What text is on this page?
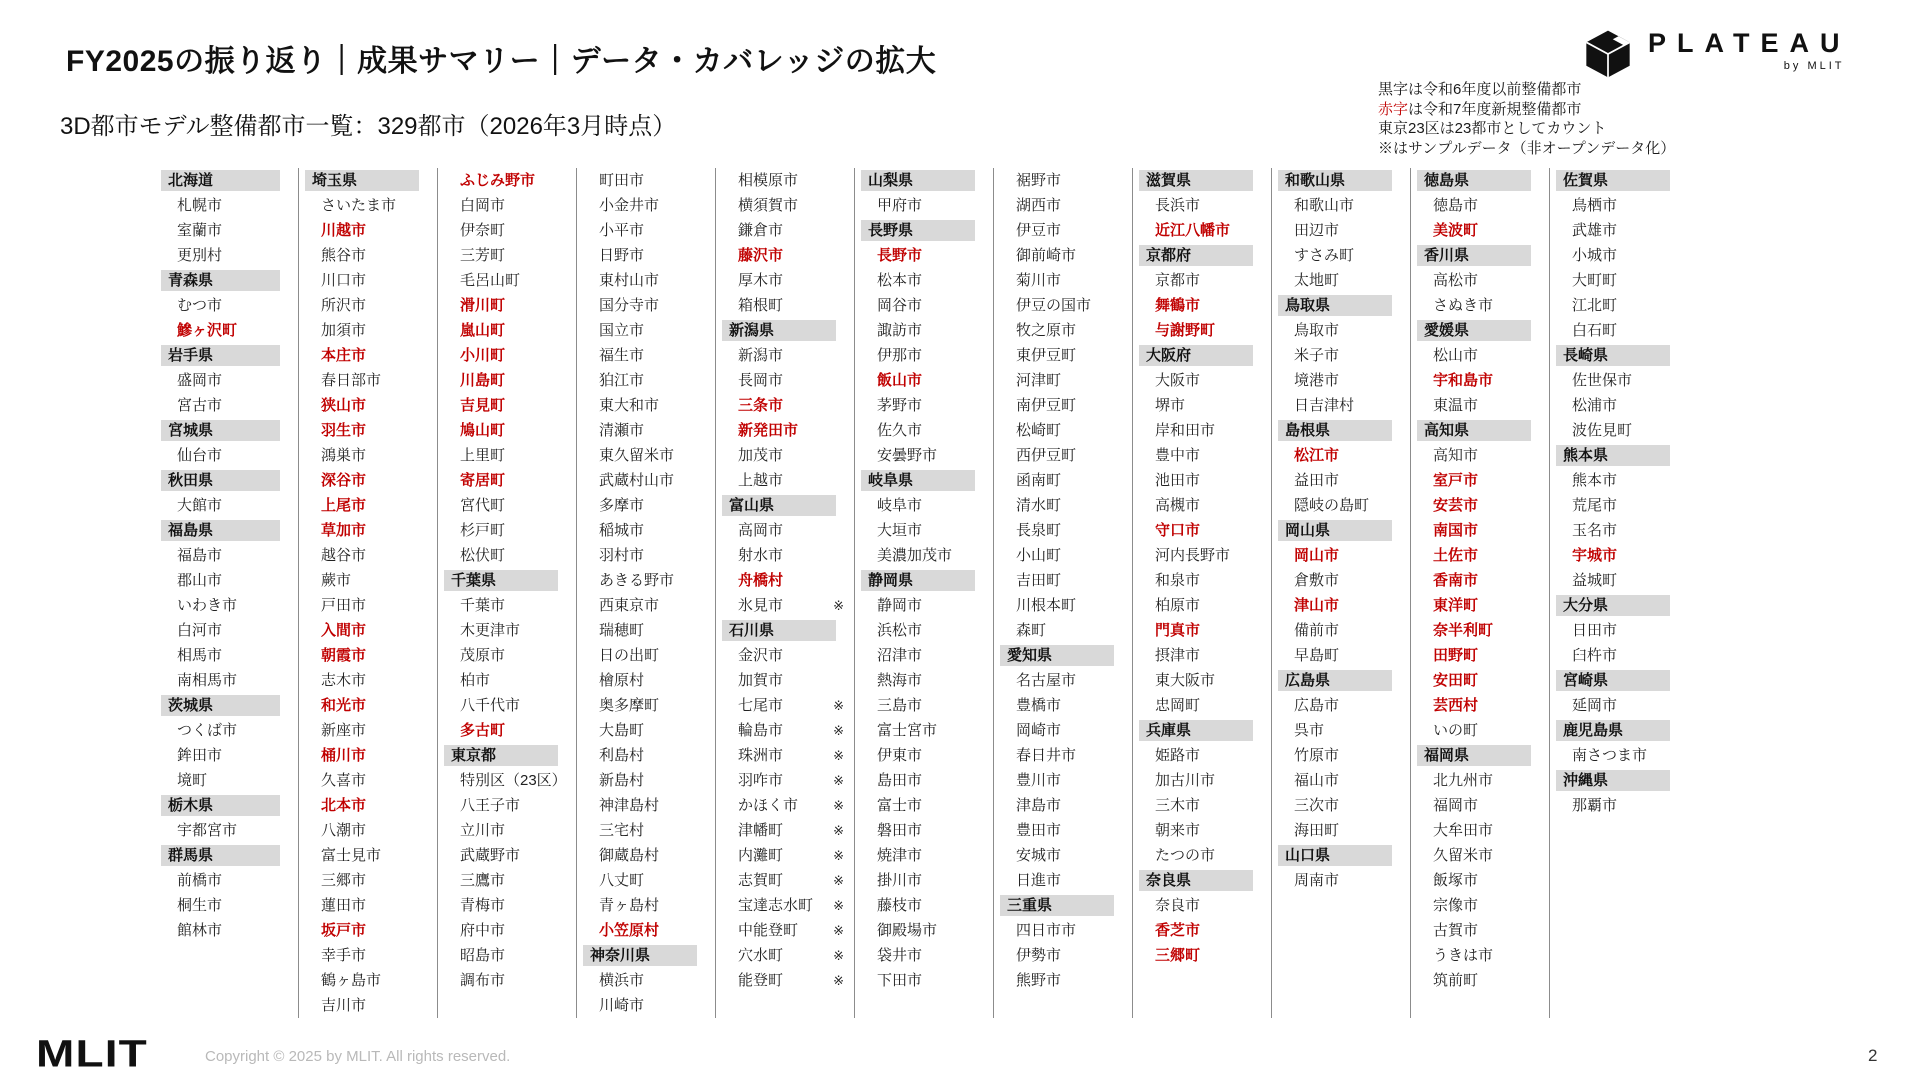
FY2025の振り返り｜成果サマリー｜データ・カバレッジの拡大
3D都市モデル整備都市一覧：329都市（2026年3月時点）
PLATEAU
by MLIT
黒字は令和6年度以前整備都市
赤字は令和7年度新規整備都市
東京23区は23都市としてカウント
※はサンプルデータ（非オープンデータ化）
北海道
札幌市
室蘭市
更別村
青森県
むつ市
鰺ヶ沢町
岩手県
盛岡市
宮古市
宮城県
仙台市
秋田県
大館市
福島県
福島市
郡山市
いわき市
白河市
相馬市
南相馬市
茨城県
つくば市
鉾田市
境町
栃木県
宇都宮市
群馬県
前橋市
桐生市
館林市
埼玉県
さいたま市
川越市
熊谷市
川口市
所沢市
加須市
本庄市
春日部市
狭山市
羽生市
鴻巣市
深谷市
上尾市
草加市
越谷市
蕨市
戸田市
入間市
朝霞市
志木市
和光市
新座市
桶川市
久喜市
北本市
八潮市
富士見市
三郷市
蓮田市
坂戸市
幸手市
鶴ヶ島市
吉川市
ふじみ野市
白岡市
伊奈町
三芳町
毛呂山町
滑川町
嵐山町
小川町
川島町
吉見町
鳩山町
上里町
寄居町
宮代町
杉戸町
松伏町
千葉県
千葉市
木更津市
茂原市
柏市
八千代市
多古町
東京都
特別区（23区）
八王子市
立川市
武蔵野市
三鷹市
青梅市
府中市
昭島市
調布市
町田市
小金井市
小平市
日野市
東村山市
国分寺市
国立市
福生市
狛江市
東大和市
清瀬市
東久留米市
武蔵村山市
多摩市
稲城市
羽村市
あきる野市
西東京市
瑞穂町
日の出町
檜原村
奥多摩町
大島町
利島村
新島村
神津島村
三宅村
御蔵島村
八丈町
青ヶ島村
小笠原村
神奈川県
横浜市
川崎市
相模原市
横須賀市
鎌倉市
藤沢市
厚木市
箱根町
新潟県
新潟市
長岡市
三条市
新発田市
加茂市
上越市
富山県
高岡市
射水市
舟橋村
氷見市	※
石川県
金沢市
加賀市
七尾市	※
輪島市	※
珠洲市	※
羽咋市	※
かほく市	※
津幡町	※
内灘町	※
志賀町	※
宝達志水町 ※
中能登町	※
穴水町	※
能登町	※
山梨県
甲府市
長野県
長野市
松本市
岡谷市
諏訪市
伊那市
飯山市
茅野市
佐久市
安曇野市
岐阜県
岐阜市
大垣市
美濃加茂市
静岡県
静岡市
浜松市
沼津市
熱海市
三島市
富士宮市
伊東市
島田市
富士市
磐田市
焼津市
掛川市
藤枝市
御殿場市
袋井市
下田市
裾野市
湖西市
伊豆市
御前崎市
菊川市
伊豆の国市
牧之原市
東伊豆町
河津町
南伊豆町
松崎町
西伊豆町
函南町
清水町
長泉町
小山町
吉田町
川根本町
森町
愛知県
名古屋市
豊橋市
岡崎市
春日井市
豊川市
津島市
豊田市
安城市
日進市
三重県
四日市市
伊勢市
熊野市
滋賀県
長浜市
近江八幡市
京都府
京都市
舞鶴市
与謝野町
大阪府
大阪市
堺市
岸和田市
豊中市
池田市
高槻市
守口市
河内長野市
和泉市
柏原市
門真市
摂津市
東大阪市
忠岡町
兵庫県
姫路市
加古川市
三木市
朝来市
たつの市
奈良県
奈良市
香芝市
三郷町
和歌山県
和歌山市
田辺市
すさみ町
太地町
鳥取県
鳥取市
米子市
境港市
日吉津村
島根県
松江市
益田市
隠岐の島町
岡山県
岡山市
倉敷市
津山市
備前市
早島町
広島県
広島市
呉市
竹原市
福山市
三次市
海田町
山口県
周南市
徳島県
徳島市
美波町
香川県
高松市
さぬき市
愛媛県
松山市
宇和島市
東温市
高知県
高知市
室戸市
安芸市
南国市
土佐市
香南市
東洋町
奈半利町
田野町
安田町
芸西村
いの町
福岡県
北九州市
福岡市
大牟田市
久留米市
飯塚市
宗像市
古賀市
うきは市
筑前町
佐賀県
鳥栖市
武雄市
小城市
大町町
江北町
白石町
長崎県
佐世保市
松浦市
波佐見町
熊本県
熊本市
荒尾市
玉名市
宇城市
益城町
大分県
日田市
臼杵市
宮崎県
延岡市
鹿児島県
南さつま市
沖縄県
那覇市
MLIT	Copyright © 2025 by MLIT. All rights reserved.	2
